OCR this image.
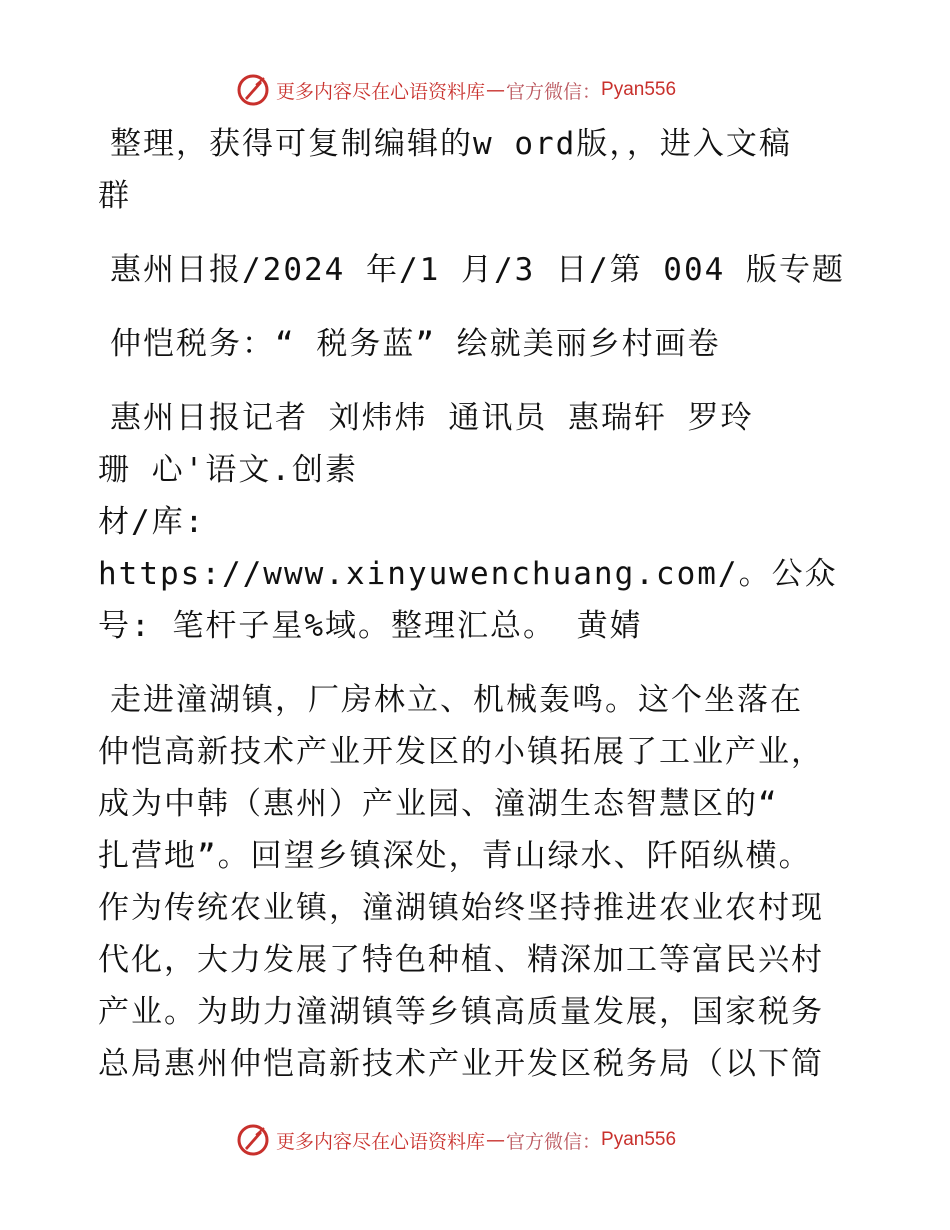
更多内容尽在心语资料库 — 官方微信： Pyan556

整理，获得可复制编辑的w ord版，，进入文稿

群

惠州日报/2024 年/1 月/3 日/第 004 版专题

仲恺税务：“ 税务蓝” 绘就美丽乡村画卷

惠州日报记者 刘炜炜 通讯员 惠瑞轩 罗玲

珊 心'语文.创素

材/库: https://www.xinyuwenchuang.com/。公众

号: 笔杆子星%域。整理汇总。 黄婧

走进潼湖镇，厂房林立、机械轰鸣。这个坐落在

仲恺高新技术产业开发区的小镇拓展了工业产业，

成为中韩（惠州）产业园、潼湖生态智慧区的“

扎营地”。回望乡镇深处，青山绿水、阡陌纵横。

作为传统农业镇，潼湖镇始终坚持推进农业农村现

代化，大力发展了特色种植、精深加工等富民兴村

产业。为助力潼湖镇等乡镇高质量发展，国家税务

总局惠州仲恺高新技术产业开发区税务局（以下简

更多内容尽在心语资料库 — 官方微信： Pyan556
